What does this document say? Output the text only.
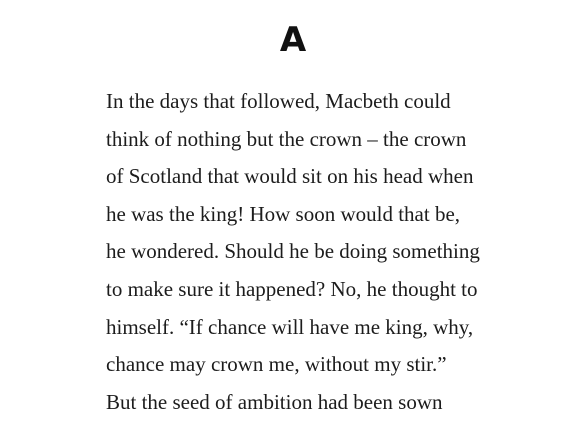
A
In the days that followed, Macbeth could
think of nothing but the crown – the crown
of Scotland that would sit on his head when
he was the king! How soon would that be,
he wondered. Should he be doing something
to make sure it happened? No, he thought to
himself. “If chance will have me king, why,
chance may crown me, without my stir.”
But the seed of ambition had been sown
